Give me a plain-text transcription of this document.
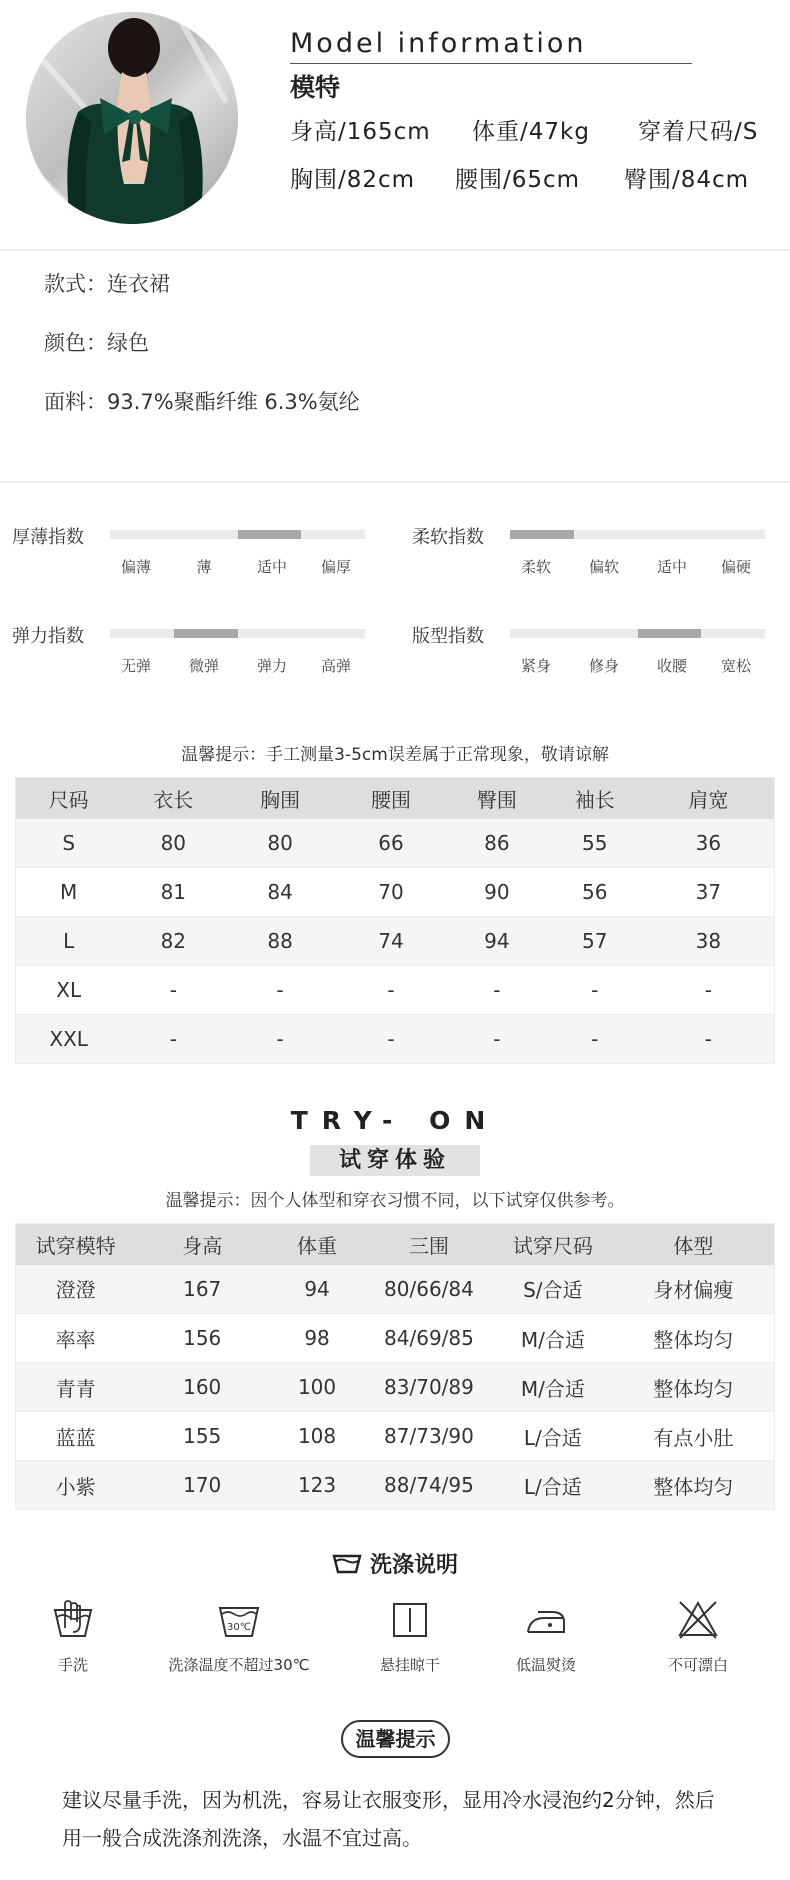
Model information
模特
身高/165cm 体重/47kg 穿着尺码/S
胸围/82cm 腰围/65cm 臀围/84cm
款式：连衣裙
颜色：绿色
面料：93.7%聚酯纤维 6.3%氨纶
厚薄指数
偏薄	薄	适中 偏厚
柔软指数
柔软	偏软	适中 偏硬
弹力指数
无弹	微弹	弹力 高弹
版型指数
紧身	修身	收腰 宽松
温馨提示：手工测量3-5cm误差属于正常现象，敬请谅解
尺码	衣长	胸围	腰围	臀围	袖长	肩宽
S	80	80	66	86	55	36
M	81	84	70	90	56	37
L	82	88	74	94	57	38
XL	-	-	-	-	-	-
XXL	-	-	-	-	-	-
TRY- ON
试穿体验
温馨提示：因个人体型和穿衣习惯不同，以下试穿仅供参考。
试穿模特	身高	体重	三围	试穿尺码	体型
澄澄	167	94	80/66/84	S/合适	身材偏瘦
率率	156	98	84/69/85	M/合适	整体均匀
青青	160	100	83/70/89	M/合适	整体均匀
蓝蓝	155	108	87/73/90	L/合适	有点小肚
小紫	170	123	88/74/95	L/合适	整体均匀
洗涤说明
手洗
30℃
洗涤温度不超过30℃	悬挂晾干	低温熨烫	不可漂白
温馨提示
建议尽量手洗，因为机洗，容易让衣服变形，显用冷水浸泡约2分钟，然后
用一般合成洗涤剂洗涤，水温不宜过高。
